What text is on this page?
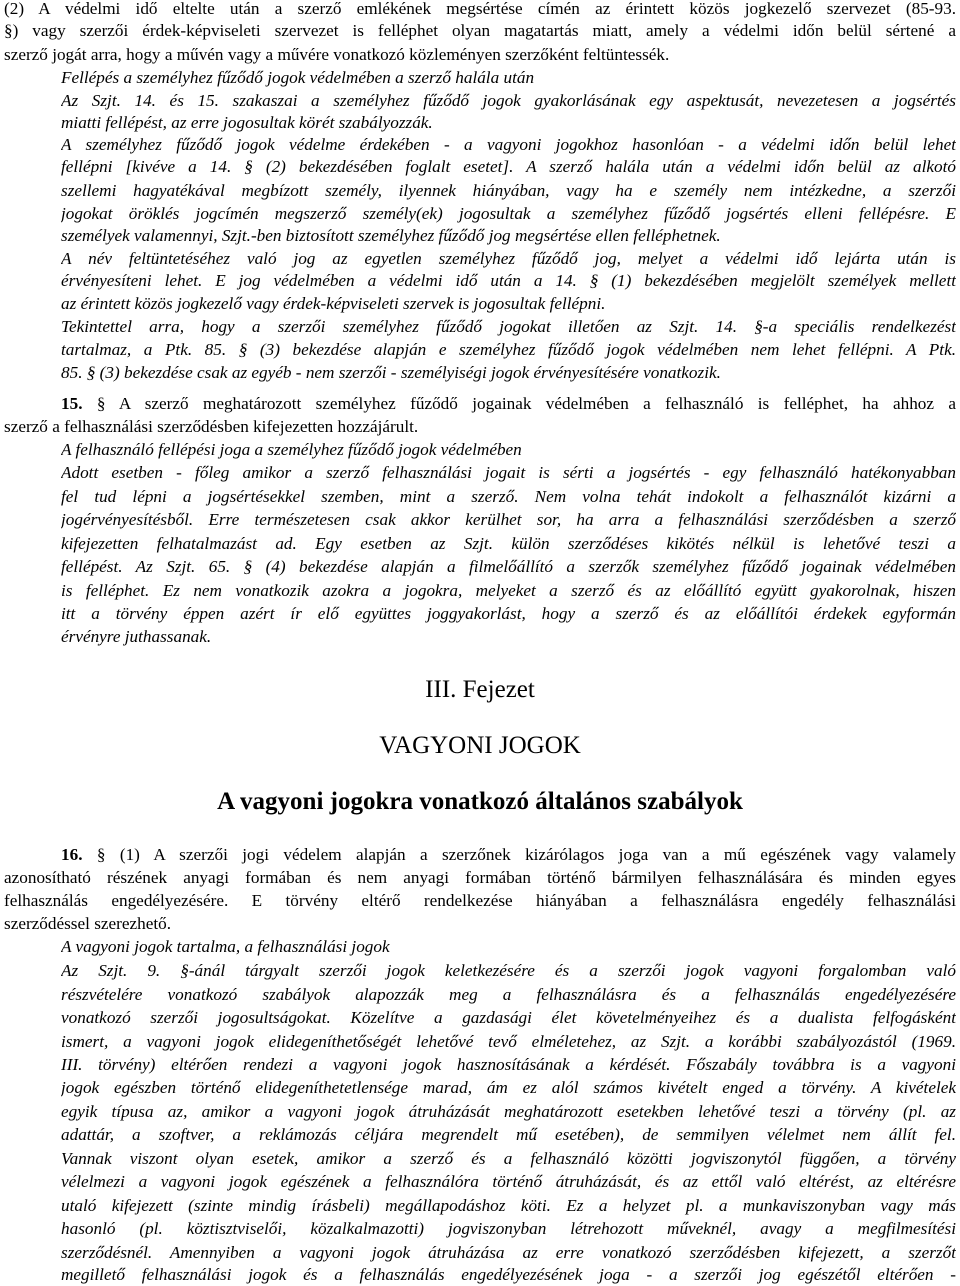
(2) A védelmi idő eltelte után a szerző emlékének megsértése címén az érintett közös jogkezelő szervezet (85-93.
§) vagy szerzői érdek-képviseleti szervezet is felléphet olyan magatartás miatt, amely a védelmi időn belül sértené a
szerző jogát arra, hogy a művén vagy a művére vonatkozó közleményen szerzőként feltüntessék.
Fellépés a személyhez fűződő jogok védelmében a szerző halála után
Az Szjt. 14. és 15. szakaszai a személyhez fűződő jogok gyakorlásának egy aspektusát, nevezetesen a jogsértés
miatti fellépést, az erre jogosultak körét szabályozzák.
A személyhez fűződő jogok védelme érdekében - a vagyoni jogokhoz hasonlóan - a védelmi időn belül lehet
fellépni [kivéve a 14. § (2) bekezdésében foglalt esetet]. A szerző halála után a védelmi időn belül az alkotó
szellemi hagyatékával megbízott személy, ilyennek hiányában, vagy ha e személy nem intézkedne, a szerzői
jogokat öröklés jogcímén megszerző személy(ek) jogosultak a személyhez fűződő jogsértés elleni fellépésre. E
személyek valamennyi, Szjt.-ben biztosított személyhez fűződő jog megsértése ellen felléphetnek.
A név feltüntetéséhez való jog az egyetlen személyhez fűződő jog, melyet a védelmi idő lejárta után is
érvényesíteni lehet. E jog védelmében a védelmi idő után a 14. § (1) bekezdésében megjelölt személyek mellett
az érintett közös jogkezelő vagy érdek-képviseleti szervek is jogosultak fellépni.
Tekintettel arra, hogy a szerzői személyhez fűződő jogokat illetően az Szjt. 14. §-a speciális rendelkezést
tartalmaz, a Ptk. 85. § (3) bekezdése alapján e személyhez fűződő jogok védelmében nem lehet fellépni. A Ptk.
85. § (3) bekezdése csak az egyéb - nem szerzői - személyiségi jogok érvényesítésére vonatkozik.
15. § A szerző meghatározott személyhez fűződő jogainak védelmében a felhasználó is felléphet, ha ahhoz a
szerző a felhasználási szerződésben kifejezetten hozzájárult.
A felhasználó fellépési joga a személyhez fűződő jogok védelmében
Adott esetben - főleg amikor a szerző felhasználási jogait is sérti a jogsértés - egy felhasználó hatékonyabban
fel tud lépni a jogsértésekkel szemben, mint a szerző. Nem volna tehát indokolt a felhasználót kizárni a
jogérvényesítésből. Erre természetesen csak akkor kerülhet sor, ha arra a felhasználási szerződésben a szerző
kifejezetten felhatalmazást ad. Egy esetben az Szjt. külön szerződéses kikötés nélkül is lehetővé teszi a
fellépést. Az Szjt. 65. § (4) bekezdése alapján a filmelőállító a szerzők személyhez fűződő jogainak védelmében
is felléphet. Ez nem vonatkozik azokra a jogokra, melyeket a szerző és az előállító együtt gyakorolnak, hiszen
itt a törvény éppen azért ír elő együttes joggyakorlást, hogy a szerző és az előállítói érdekek egyformán
érvényre juthassanak.
III. Fejezet
VAGYONI JOGOK
A vagyoni jogokra vonatkozó általános szabályok
16. § (1) A szerzői jogi védelem alapján a szerzőnek kizárólagos joga van a mű egészének vagy valamely
azonosítható részének anyagi formában és nem anyagi formában történő bármilyen felhasználására és minden egyes
felhasználás engedélyezésére. E törvény eltérő rendelkezése hiányában a felhasználásra engedély felhasználási
szerződéssel szerezhető.
A vagyoni jogok tartalma, a felhasználási jogok
Az Szjt. 9. §-ánál tárgyalt szerzői jogok keletkezésére és a szerzői jogok vagyoni forgalomban való
részvételére vonatkozó szabályok alapozzák meg a felhasználásra és a felhasználás engedélyezésére
vonatkozó szerzői jogosultságokat. Közelítve a gazdasági élet követelményeihez és a dualista felfogásként
ismert, a vagyoni jogok elidegeníthetőségét lehetővé tevő elméletehez, az Szjt. a korábbi szabályozástól (1969.
III. törvény) eltérően rendezi a vagyoni jogok hasznosításának a kérdését. Főszabály továbbra is a vagyoni
jogok egészben történő elidegeníthetetlensége marad, ám ez alól számos kivételt enged a törvény. A kivételek
egyik típusa az, amikor a vagyoni jogok átruházását meghatározott esetekben lehetővé teszi a törvény (pl. az
adattár, a szoftver, a reklámozás céljára megrendelt mű esetében), de semmilyen vélelmet nem állít fel.
Vannak viszont olyan esetek, amikor a szerző és a felhasználó közötti jogviszonytól függően, a törvény
vélelmezi a vagyoni jogok egészének a felhasználóra történő átruházását, és az ettől való eltérést, az eltérésre
utaló kifejezett (szinte mindig írásbeli) megállapodáshoz köti. Ez a helyzet pl. a munkaviszonyban vagy más
hasonló (pl. köztisztviselői, közalkalmazotti) jogviszonyban létrehozott műveknél, avagy a megfilmesítési
szerződésnél. Amennyiben a vagyoni jogok átruházása az erre vonatkozó szerződésben kifejezett, a szerzőt
megillető felhasználási jogok és a felhasználás engedélyezésének joga - a szerzői jog egészétől eltérően -
